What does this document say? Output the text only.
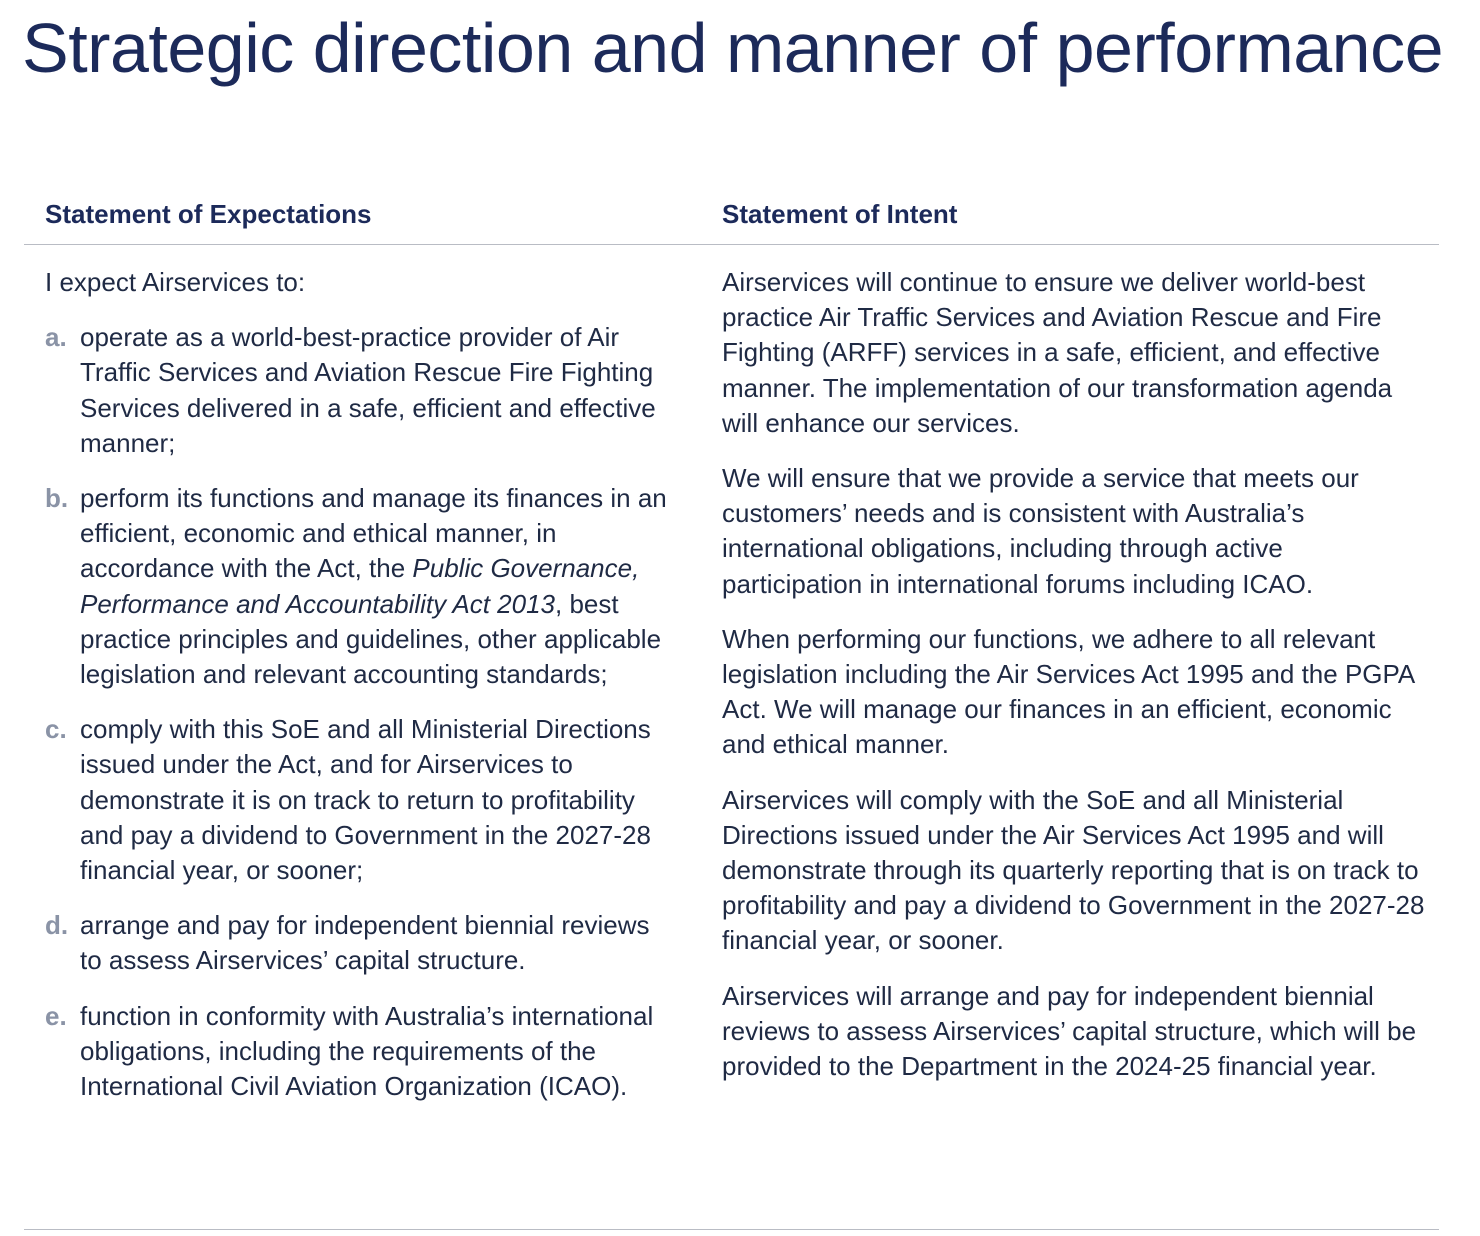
Strategic direction and manner of performance
Statement of Expectations	Statement of Intent

I expect Airservices to:

a. operate as a world-best-practice provider of Air Traffic Services and Aviation Rescue Fire Fighting Services delivered in a safe, efficient and effective manner;
b. perform its functions and manage its finances in an efficient, economic and ethical manner, in accordance with the Act, the Public Governance, Performance and Accountability Act 2013, best practice principles and guidelines, other applicable legislation and relevant accounting standards;
c. comply with this SoE and all Ministerial Directions issued under the Act, and for Airservices to demonstrate it is on track to return to profitability and pay a dividend to Government in the 2027-28 financial year, or sooner;
d. arrange and pay for independent biennial reviews to assess Airservices’ capital structure.
e. function in conformity with Australia’s international obligations, including the requirements of the International Civil Aviation Organization (ICAO).

Airservices will continue to ensure we deliver world-best practice Air Traffic Services and Aviation Rescue and Fire Fighting (ARFF) services in a safe, efficient, and effective manner. The implementation of our transformation agenda will enhance our services.

We will ensure that we provide a service that meets our customers’ needs and is consistent with Australia’s international obligations, including through active participation in international forums including ICAO.

When performing our functions, we adhere to all relevant legislation including the Air Services Act 1995 and the PGPA Act. We will manage our finances in an efficient, economic and ethical manner.

Airservices will comply with the SoE and all Ministerial Directions issued under the Air Services Act 1995 and will demonstrate through its quarterly reporting that is on track to profitability and pay a dividend to Government in the 2027-28 financial year, or sooner.

Airservices will arrange and pay for independent biennial reviews to assess Airservices’ capital structure, which will be provided to the Department in the 2024-25 financial year.
